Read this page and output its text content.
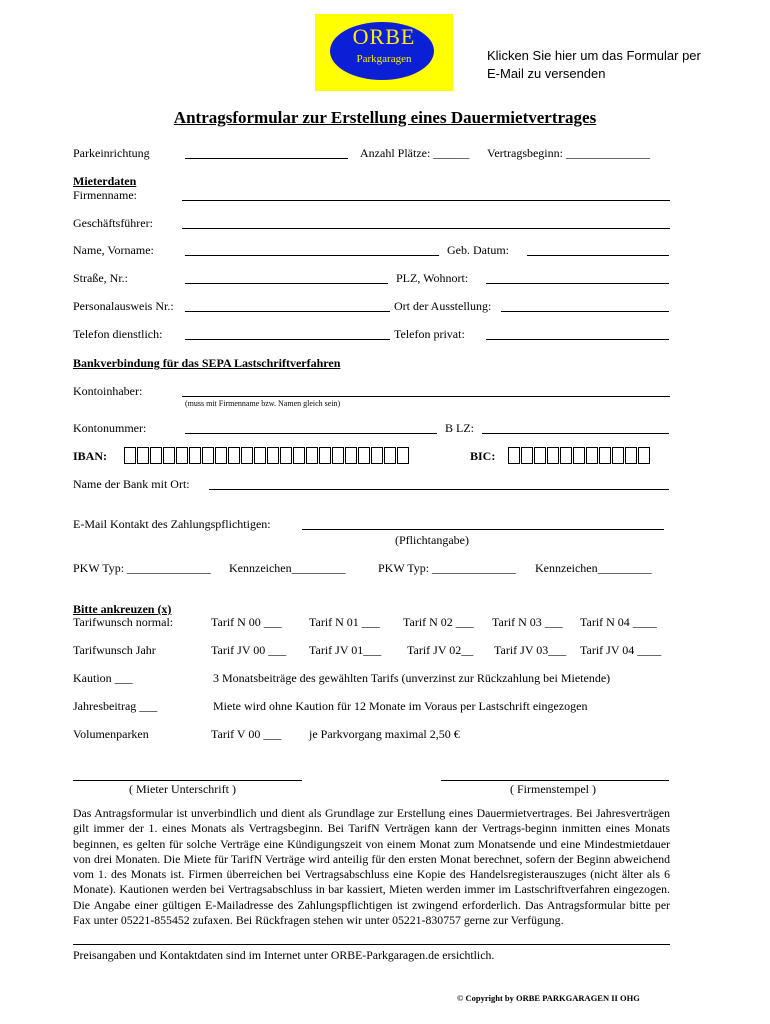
ORBE
Parkgaragen	Klicken Sie hier um das Formular per E-Mail zu versenden
Antragsformular zur Erstellung eines Dauermietvertrages
Parkeinrichtung	Anzahl Plätze: ______ Vertragsbeginn: ______________
Mieterdaten
Firmenname:
Geschäftsführer:
Name, Vorname:	Geb. Datum:
Straße, Nr.:	PLZ, Wohnort:
Personalausweis Nr.:	Ort der Ausstellung:
Telefon dienstlich:	Telefon privat:
Bankverbindung für das SEPA Lastschriftverfahren
Kontoinhaber:
(muss mit Firmenname bzw. Namen gleich sein)
Kontonummer:	B LZ:
IBAN:	BIC:
Name der Bank mit Ort:
E-Mail Kontakt des Zahlungspflichtigen:
(Pflichtangabe)
PKW Typ: ______________ Kennzeichen_________	PKW Typ: ______________ Kennzeichen_________
Bitte ankreuzen (x)
Tarifwunsch normal:	Tarif N 00 ___ Tarif N 01 ___ Tarif N 02 ___ Tarif N 03 ___ Tarif N 04 ____
Tarifwunsch Jahr	Tarif JV 00 ___ Tarif JV 01___ Tarif JV 02__ Tarif JV 03___ Tarif JV 04 ____
Kaution ___	3 Monatsbeiträge des gewählten Tarifs (unverzinst zur Rückzahlung bei Mietende)
Jahresbeitrag ___	Miete wird ohne Kaution für 12 Monate im Voraus per Lastschrift eingezogen
Volumenparken	Tarif V 00 ___ je Parkvorgang maximal 2,50 €
( Mieter Unterschrift )	( Firmenstempel )
Das Antragsformular ist unverbindlich und dient als Grundlage zur Erstellung eines Dauermietvertrages. Bei Jahresverträgen gilt immer der 1. eines Monats als Vertragsbeginn. Bei TarifN Verträgen kann der Vertrags-beginn inmitten eines Monats beginnen, es gelten für solche Verträge eine Kündigungszeit von einem Monat zum Monatsende und eine Mindestmietdauer von drei Monaten. Die Miete für TarifN Verträge wird anteilig für den ersten Monat berechnet, sofern der Beginn abweichend vom 1. des Monats ist. Firmen überreichen bei Vertragsabschluss eine Kopie des Handelsregisterauszuges (nicht älter als 6 Monate). Kautionen werden bei Vertragsabschluss in bar kassiert, Mieten werden immer im Lastschriftverfahren eingezogen. Die Angabe einer gültigen E-Mailadresse des Zahlungspflichtigen ist zwingend erforderlich. Das Antragsformular bitte per Fax unter 05221-855452 zufaxen. Bei Rückfragen stehen wir unter 05221-830757 gerne zur Verfügung.
Preisangaben und Kontaktdaten sind im Internet unter ORBE-Parkgaragen.de ersichtlich.
© Copyright by ORBE PARKGARAGEN II OHG
